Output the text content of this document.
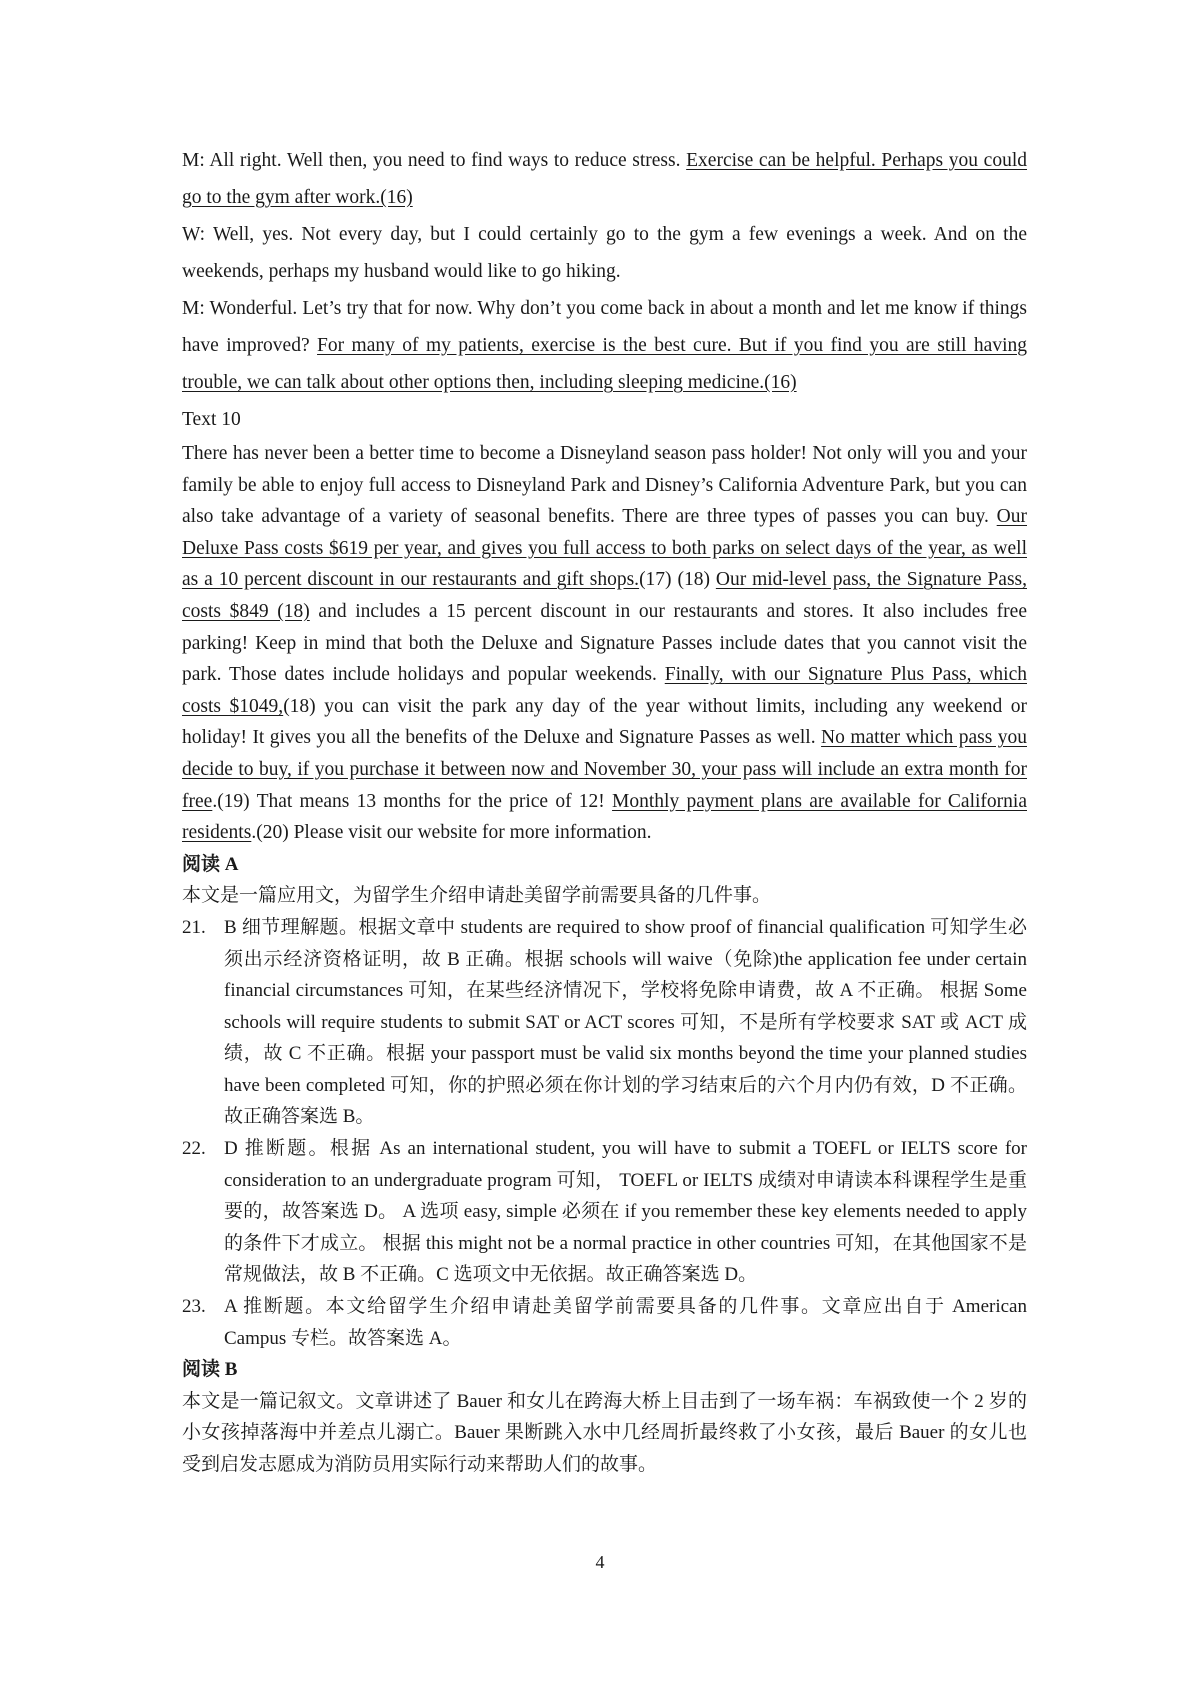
M: All right. Well then, you need to find ways to reduce stress. Exercise can be helpful. Perhaps you could go to the gym after work.(16)

W: Well, yes. Not every day, but I could certainly go to the gym a few evenings a week. And on the weekends, perhaps my husband would like to go hiking.

M: Wonderful. Let’s try that for now. Why don’t you come back in about a month and let me know if things have improved? For many of my patients, exercise is the best cure. But if you find you are still having trouble, we can talk about other options then, including sleeping medicine.(16)

Text 10

There has never been a better time to become a Disneyland season pass holder! Not only will you and your family be able to enjoy full access to Disneyland Park and Disney’s California Adventure Park, but you can also take advantage of a variety of seasonal benefits. There are three types of passes you can buy. Our Deluxe Pass costs $619 per year, and gives you full access to both parks on select days of the year, as well as a 10 percent discount in our restaurants and gift shops.(17) (18) Our mid-level pass, the Signature Pass, costs $849 (18) and includes a 15 percent discount in our restaurants and stores. It also includes free parking! Keep in mind that both the Deluxe and Signature Passes include dates that you cannot visit the park. Those dates include holidays and popular weekends. Finally, with our Signature Plus Pass, which costs $1049,(18) you can visit the park any day of the year without limits, including any weekend or holiday! It gives you all the benefits of the Deluxe and Signature Passes as well. No matter which pass you decide to buy, if you purchase it between now and November 30, your pass will include an extra month for free.(19) That means 13 months for the price of 12! Monthly payment plans are available for California residents.(20) Please visit our website for more information.

阅读 A

本文是一篇应用文，为留学生介绍申请赴美留学前需要具备的几件事。

21. B 细节理解题。根据文章中 students are required to show proof of financial qualification 可知学生必须出示经济资格证明，故 B 正确。根据 schools will waive（免除)the application fee under certain financial circumstances 可知，在某些经济情况下，学校将免除申请费，故 A 不正确。 根据 Some schools will require students to submit SAT or ACT scores 可知，不是所有学校要求 SAT 或 ACT 成绩，故 C 不正确。根据 your passport must be valid six months beyond the time your planned studies have been completed 可知，你的护照必须在你计划的学习结束后的六个月内仍有效，D 不正确。故正确答案选 B。
22. D 推断题。根据 As an international student, you will have to submit a TOEFL or IELTS score for consideration to an undergraduate program 可知， TOEFL or IELTS 成绩对申请读本科课程学生是重要的，故答案选 D。 A 选项 easy, simple 必须在 if you remember these key elements needed to apply 的条件下才成立。 根据 this might not be a normal practice in other countries 可知，在其他国家不是常规做法，故 B 不正确。C 选项文中无依据。故正确答案选 D。
23. A 推断题。本文给留学生介绍申请赴美留学前需要具备的几件事。文章应出自于 American Campus 专栏。故答案选 A。

阅读 B

本文是一篇记叙文。文章讲述了 Bauer 和女儿在跨海大桥上目击到了一场车祸：车祸致使一个 2 岁的小女孩掉落海中并差点儿溺亡。Bauer 果断跳入水中几经周折最终救了小女孩，最后 Bauer 的女儿也受到启发志愿成为消防员用实际行动来帮助人们的故事。

4
